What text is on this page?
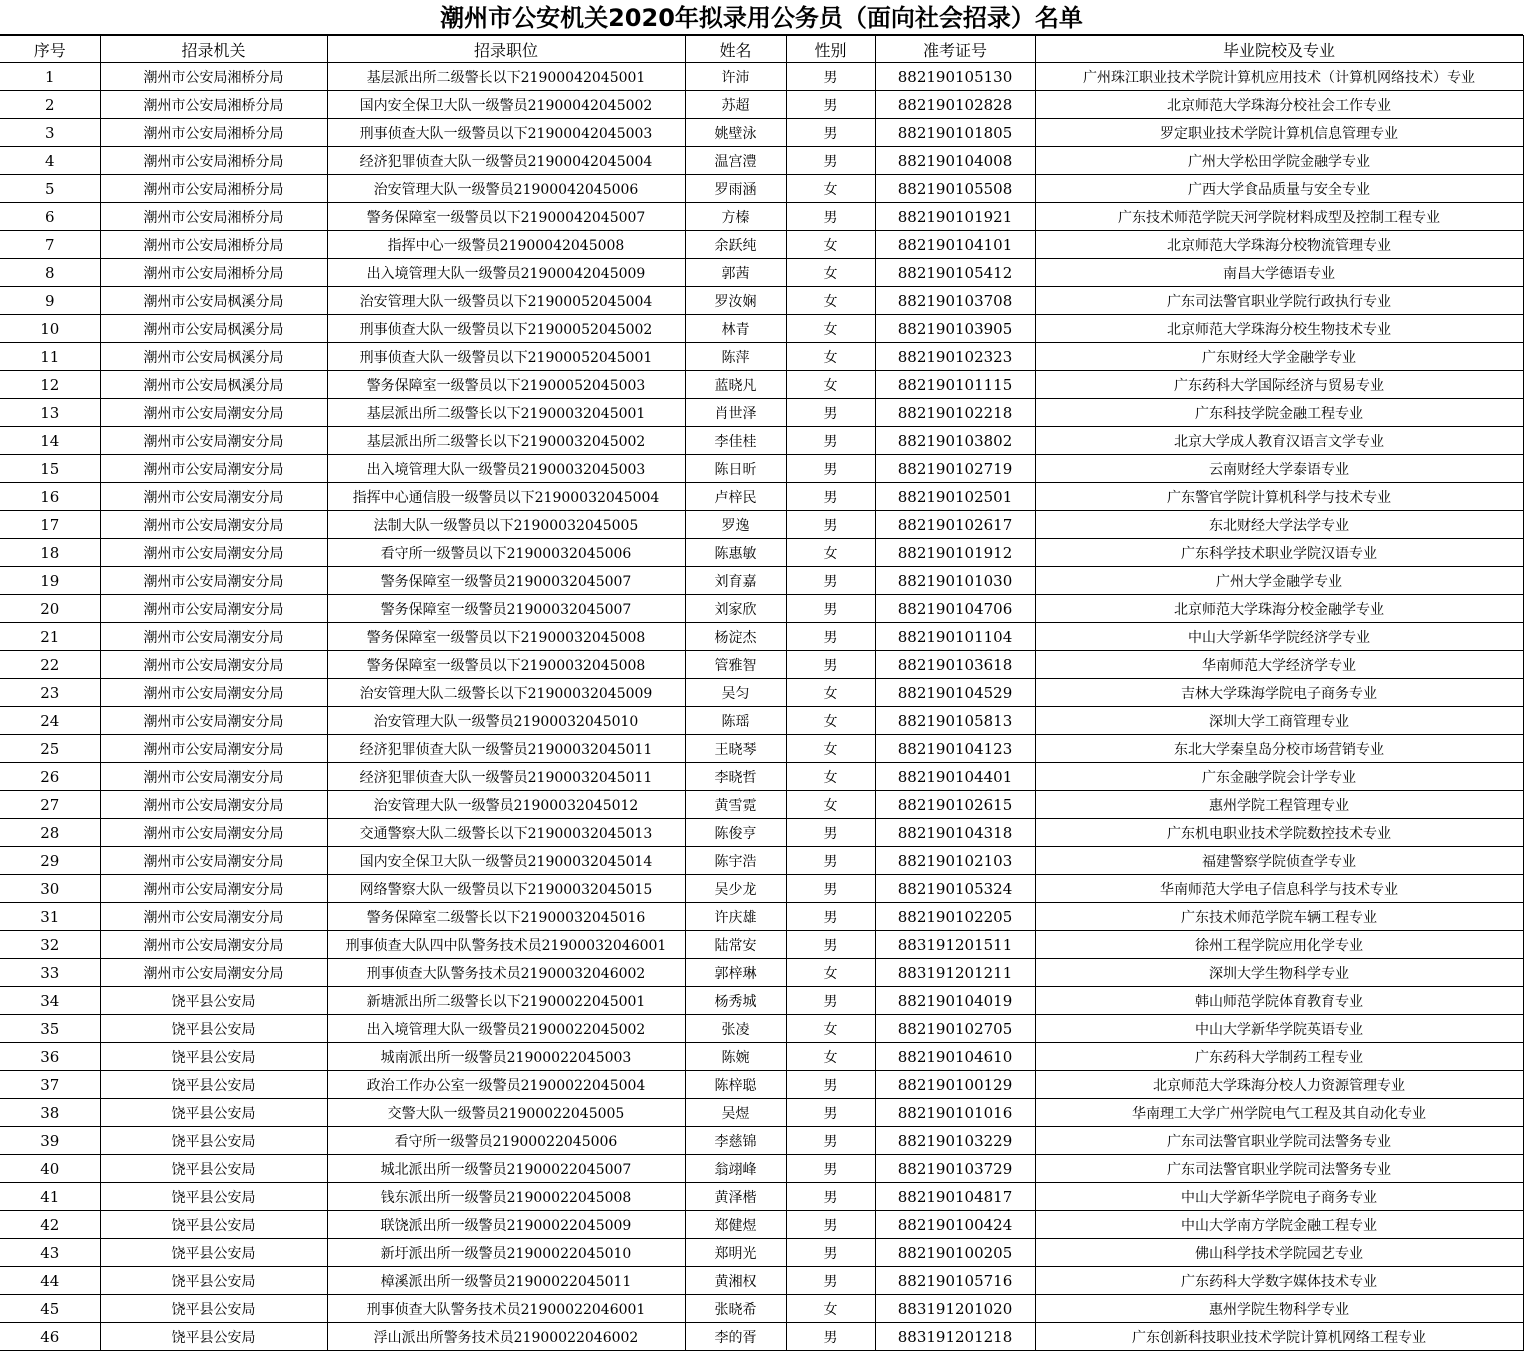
潮州市公安机关2020年拟录用公务员（面向社会招录）名单
序号	招录机关	招录职位	姓名	性别	准考证号	毕业院校及专业
1	潮州市公安局湘桥分局	基层派出所二级警长以下21900042045001	许沛	男	882190105130	广州珠江职业技术学院计算机应用技术（计算机网络技术）专业
2	潮州市公安局湘桥分局	国内安全保卫大队一级警员21900042045002	苏超	男	882190102828	北京师范大学珠海分校社会工作专业
3	潮州市公安局湘桥分局	刑事侦查大队一级警员以下21900042045003	姚壁泳	男	882190101805	罗定职业技术学院计算机信息管理专业
4	潮州市公安局湘桥分局	经济犯罪侦查大队一级警员21900042045004	温宫澧	男	882190104008	广州大学松田学院金融学专业
5	潮州市公安局湘桥分局	治安管理大队一级警员21900042045006	罗雨涵	女	882190105508	广西大学食品质量与安全专业
6	潮州市公安局湘桥分局	警务保障室一级警员以下21900042045007	方榛	男	882190101921	广东技术师范学院天河学院材料成型及控制工程专业
7	潮州市公安局湘桥分局	指挥中心一级警员21900042045008	余跃纯	女	882190104101	北京师范大学珠海分校物流管理专业
8	潮州市公安局湘桥分局	出入境管理大队一级警员21900042045009	郭茜	女	882190105412	南昌大学德语专业
9	潮州市公安局枫溪分局	治安管理大队一级警员以下21900052045004	罗汝娴	女	882190103708	广东司法警官职业学院行政执行专业
10	潮州市公安局枫溪分局	刑事侦查大队一级警员以下21900052045002	林青	女	882190103905	北京师范大学珠海分校生物技术专业
11	潮州市公安局枫溪分局	刑事侦查大队一级警员以下21900052045001	陈萍	女	882190102323	广东财经大学金融学专业
12	潮州市公安局枫溪分局	警务保障室一级警员以下21900052045003	蓝晓凡	女	882190101115	广东药科大学国际经济与贸易专业
13	潮州市公安局潮安分局	基层派出所二级警长以下21900032045001	肖世泽	男	882190102218	广东科技学院金融工程专业
14	潮州市公安局潮安分局	基层派出所二级警长以下21900032045002	李佳桂	男	882190103802	北京大学成人教育汉语言文学专业
15	潮州市公安局潮安分局	出入境管理大队一级警员21900032045003	陈日昕	男	882190102719	云南财经大学泰语专业
16	潮州市公安局潮安分局	指挥中心通信股一级警员以下21900032045004	卢梓民	男	882190102501	广东警官学院计算机科学与技术专业
17	潮州市公安局潮安分局	法制大队一级警员以下21900032045005	罗逸	男	882190102617	东北财经大学法学专业
18	潮州市公安局潮安分局	看守所一级警员以下21900032045006	陈惠敏	女	882190101912	广东科学技术职业学院汉语专业
19	潮州市公安局潮安分局	警务保障室一级警员21900032045007	刘育嘉	男	882190101030	广州大学金融学专业
20	潮州市公安局潮安分局	警务保障室一级警员21900032045007	刘家欣	男	882190104706	北京师范大学珠海分校金融学专业
21	潮州市公安局潮安分局	警务保障室一级警员以下21900032045008	杨淀杰	男	882190101104	中山大学新华学院经济学专业
22	潮州市公安局潮安分局	警务保障室一级警员以下21900032045008	管雅智	男	882190103618	华南师范大学经济学专业
23	潮州市公安局潮安分局	治安管理大队二级警长以下21900032045009	吴匀	女	882190104529	吉林大学珠海学院电子商务专业
24	潮州市公安局潮安分局	治安管理大队一级警员21900032045010	陈瑶	女	882190105813	深圳大学工商管理专业
25	潮州市公安局潮安分局	经济犯罪侦查大队一级警员21900032045011	王晓琴	女	882190104123	东北大学秦皇岛分校市场营销专业
26	潮州市公安局潮安分局	经济犯罪侦查大队一级警员21900032045011	李晓哲	女	882190104401	广东金融学院会计学专业
27	潮州市公安局潮安分局	治安管理大队一级警员21900032045012	黄雪霓	女	882190102615	惠州学院工程管理专业
28	潮州市公安局潮安分局	交通警察大队二级警长以下21900032045013	陈俊亨	男	882190104318	广东机电职业技术学院数控技术专业
29	潮州市公安局潮安分局	国内安全保卫大队一级警员21900032045014	陈宇浩	男	882190102103	福建警察学院侦查学专业
30	潮州市公安局潮安分局	网络警察大队一级警员以下21900032045015	吴少龙	男	882190105324	华南师范大学电子信息科学与技术专业
31	潮州市公安局潮安分局	警务保障室二级警长以下21900032045016	许庆雄	男	882190102205	广东技术师范学院车辆工程专业
32	潮州市公安局潮安分局	刑事侦查大队四中队警务技术员21900032046001	陆常安	男	883191201511	徐州工程学院应用化学专业
33	潮州市公安局潮安分局	刑事侦查大队警务技术员21900032046002	郭梓琳	女	883191201211	深圳大学生物科学专业
34	饶平县公安局	新塘派出所二级警长以下21900022045001	杨秀城	男	882190104019	韩山师范学院体育教育专业
35	饶平县公安局	出入境管理大队一级警员21900022045002	张凌	女	882190102705	中山大学新华学院英语专业
36	饶平县公安局	城南派出所一级警员21900022045003	陈婉	女	882190104610	广东药科大学制药工程专业
37	饶平县公安局	政治工作办公室一级警员21900022045004	陈梓聪	男	882190100129	北京师范大学珠海分校人力资源管理专业
38	饶平县公安局	交警大队一级警员21900022045005	吴煜	男	882190101016	华南理工大学广州学院电气工程及其自动化专业
39	饶平县公安局	看守所一级警员21900022045006	李慈锦	男	882190103229	广东司法警官职业学院司法警务专业
40	饶平县公安局	城北派出所一级警员21900022045007	翁翊峰	男	882190103729	广东司法警官职业学院司法警务专业
41	饶平县公安局	钱东派出所一级警员21900022045008	黄泽楷	男	882190104817	中山大学新华学院电子商务专业
42	饶平县公安局	联饶派出所一级警员21900022045009	郑健煜	男	882190100424	中山大学南方学院金融工程专业
43	饶平县公安局	新圩派出所一级警员21900022045010	郑明光	男	882190100205	佛山科学技术学院园艺专业
44	饶平县公安局	樟溪派出所一级警员21900022045011	黄湘权	男	882190105716	广东药科大学数字媒体技术专业
45	饶平县公安局	刑事侦查大队警务技术员21900022046001	张晓希	女	883191201020	惠州学院生物科学专业
46	饶平县公安局	浮山派出所警务技术员21900022046002	李的胥	男	883191201218	广东创新科技职业技术学院计算机网络工程专业
